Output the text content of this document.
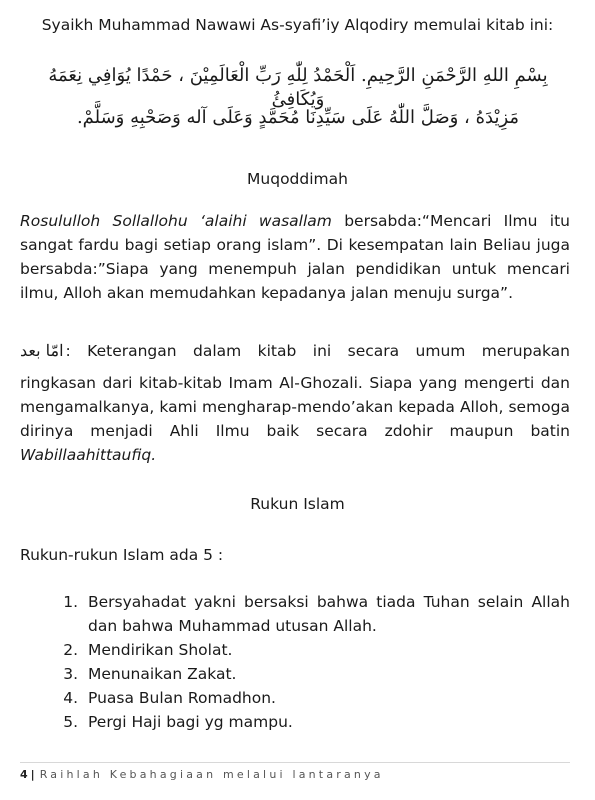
Syaikh Muhammad Nawawi As-syafi’iy Alqodiry memulai kitab ini:
بِسْمِ اللهِ الرَّحْمَنِ الرَّحِيمِ. اَلْحَمْدُ لِلّٰهِ رَبِّ الْعَالَمِيْنَ ، حَمْدًا يُوَافِي نِعَمَهُ وَيُكَافِئُ
مَزِيْدَهُ ، وَصَلَّ اللّٰهُ عَلَى سَيِّدِنَا مُحَمَّدٍ وَعَلَى آله وَصَحْبِهِ وَسَلَّمْ.
Muqoddimah

Rosululloh Sollallohu ‘alaihi wasallam bersabda:“Mencari Ilmu itu sangat fardu bagi setiap orang islam”. Di kesempatan lain Beliau juga bersabda:”Siapa yang menempuh jalan pendidikan untuk mencari ilmu, Alloh akan memudahkan kepadanya jalan menuju surga”.

امّا بعد : Keterangan dalam kitab ini secara umum merupakan
ringkasan dari kitab-kitab Imam Al-Ghozali. Siapa yang mengerti dan mengamalkanya, kami mengharap-mendo’akan kepada Alloh, semoga dirinya menjadi Ahli Ilmu baik secara zdohir maupun batin Wabillaahittaufiq.
Rukun Islam
Rukun-rukun Islam ada 5 :
1. Bersyahadat yakni bersaksi bahwa tiada Tuhan selain Allah dan bahwa Muhammad utusan Allah.
2. Mendirikan Sholat.
3. Menunaikan Zakat.
4. Puasa Bulan Romadhon.
5. Pergi Haji bagi yg mampu.
4 | Raihlah Kebahagiaan melalui lantaranya
